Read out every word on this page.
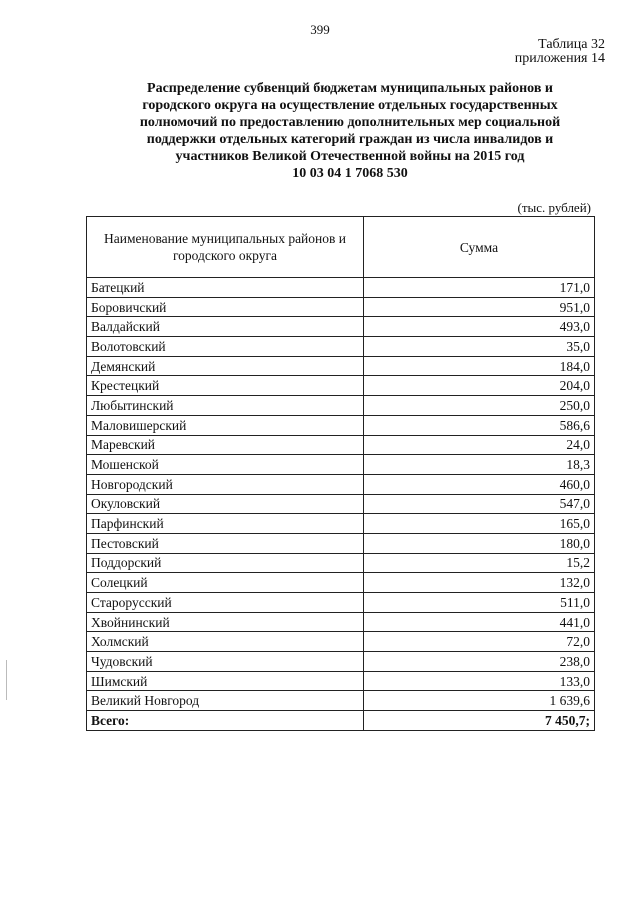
399
Таблица 32
приложения 14
Распределение субвенций бюджетам муниципальных районов и
городского округа на осуществление отдельных государственных
полномочий по предоставлению дополнительных мер социальной
поддержки отдельных категорий граждан из числа инвалидов и
участников Великой Отечественной войны на 2015 год
10 03 04 1 7068 530
(тыс. рублей)
Наименование муниципальных районов и городского округа	Сумма
Батецкий	171,0
Боровичский	951,0
Валдайский	493,0
Волотовский	35,0
Демянский	184,0
Крестецкий	204,0
Любытинский	250,0
Маловишерский	586,6
Маревский	24,0
Мошенской	18,3
Новгородский	460,0
Окуловский	547,0
Парфинский	165,0
Пестовский	180,0
Поддорский	15,2
Солецкий	132,0
Старорусский	511,0
Хвойнинский	441,0
Холмский	72,0
Чудовский	238,0
Шимский	133,0
Великий Новгород	1 639,6
Всего:	7 450,7;
